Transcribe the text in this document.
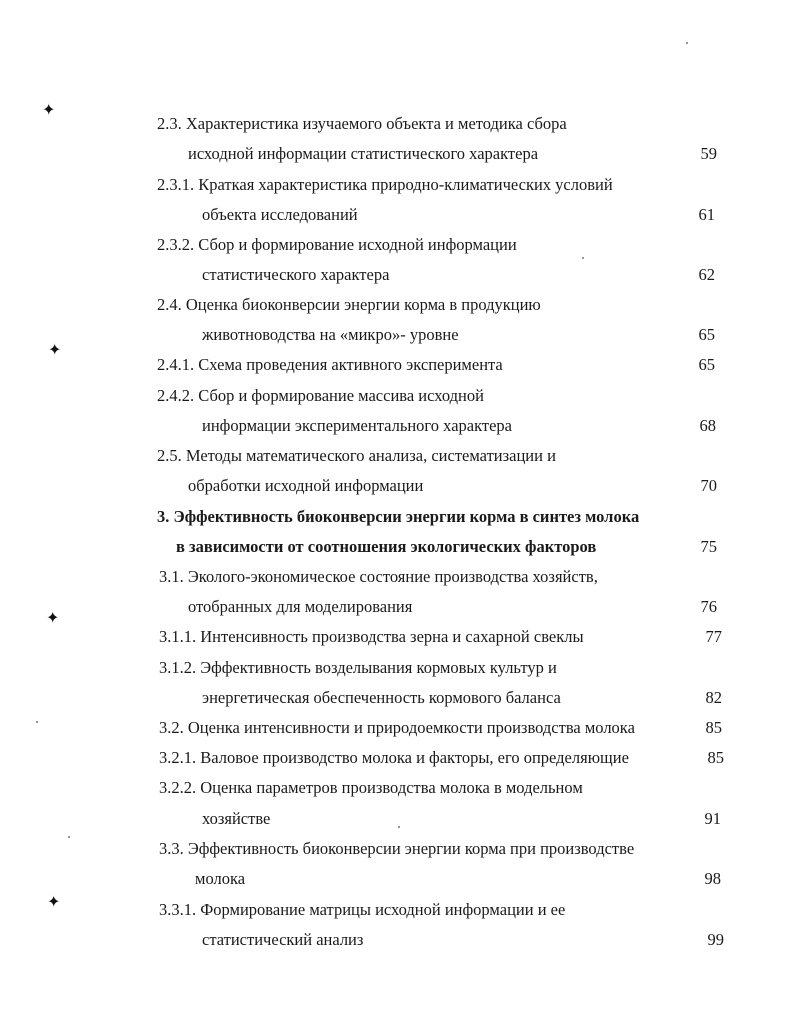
2.3. Характеристика изучаемого объекта и методика сбора
исходной информации статистического характера	59
2.3.1. Краткая характеристика природно-климатических условий
объекта исследований	61
2.3.2. Сбор и формирование исходной информации
статистического характера	62
2.4. Оценка биоконверсии энергии корма в продукцию
животноводства на «микро»- уровне	65
2.4.1. Схема проведения активного эксперимента	65
2.4.2. Сбор и формирование массива исходной
информации экспериментального характера	68
2.5. Методы математического анализа, систематизации и
обработки исходной информации	70
3. Эффективность биоконверсии энергии корма в синтез молока
в зависимости от соотношения экологических факторов	75
3.1. Эколого-экономическое состояние производства хозяйств,
отобранных для моделирования	76
3.1.1. Интенсивность производства зерна и сахарной свеклы	77
3.1.2. Эффективность возделывания кормовых культур и
энергетическая обеспеченность кормового баланса	82
3.2. Оценка интенсивности и природоемкости производства молока	85
3.2.1. Валовое производство молока и факторы, его определяющие	85
3.2.2. Оценка параметров производства молока в модельном
хозяйстве	91
3.3. Эффективность биоконверсии энергии корма при производстве
молока	98
3.3.1. Формирование матрицы исходной информации и ее
статистический анализ	99
✦
✦
✦
✦
